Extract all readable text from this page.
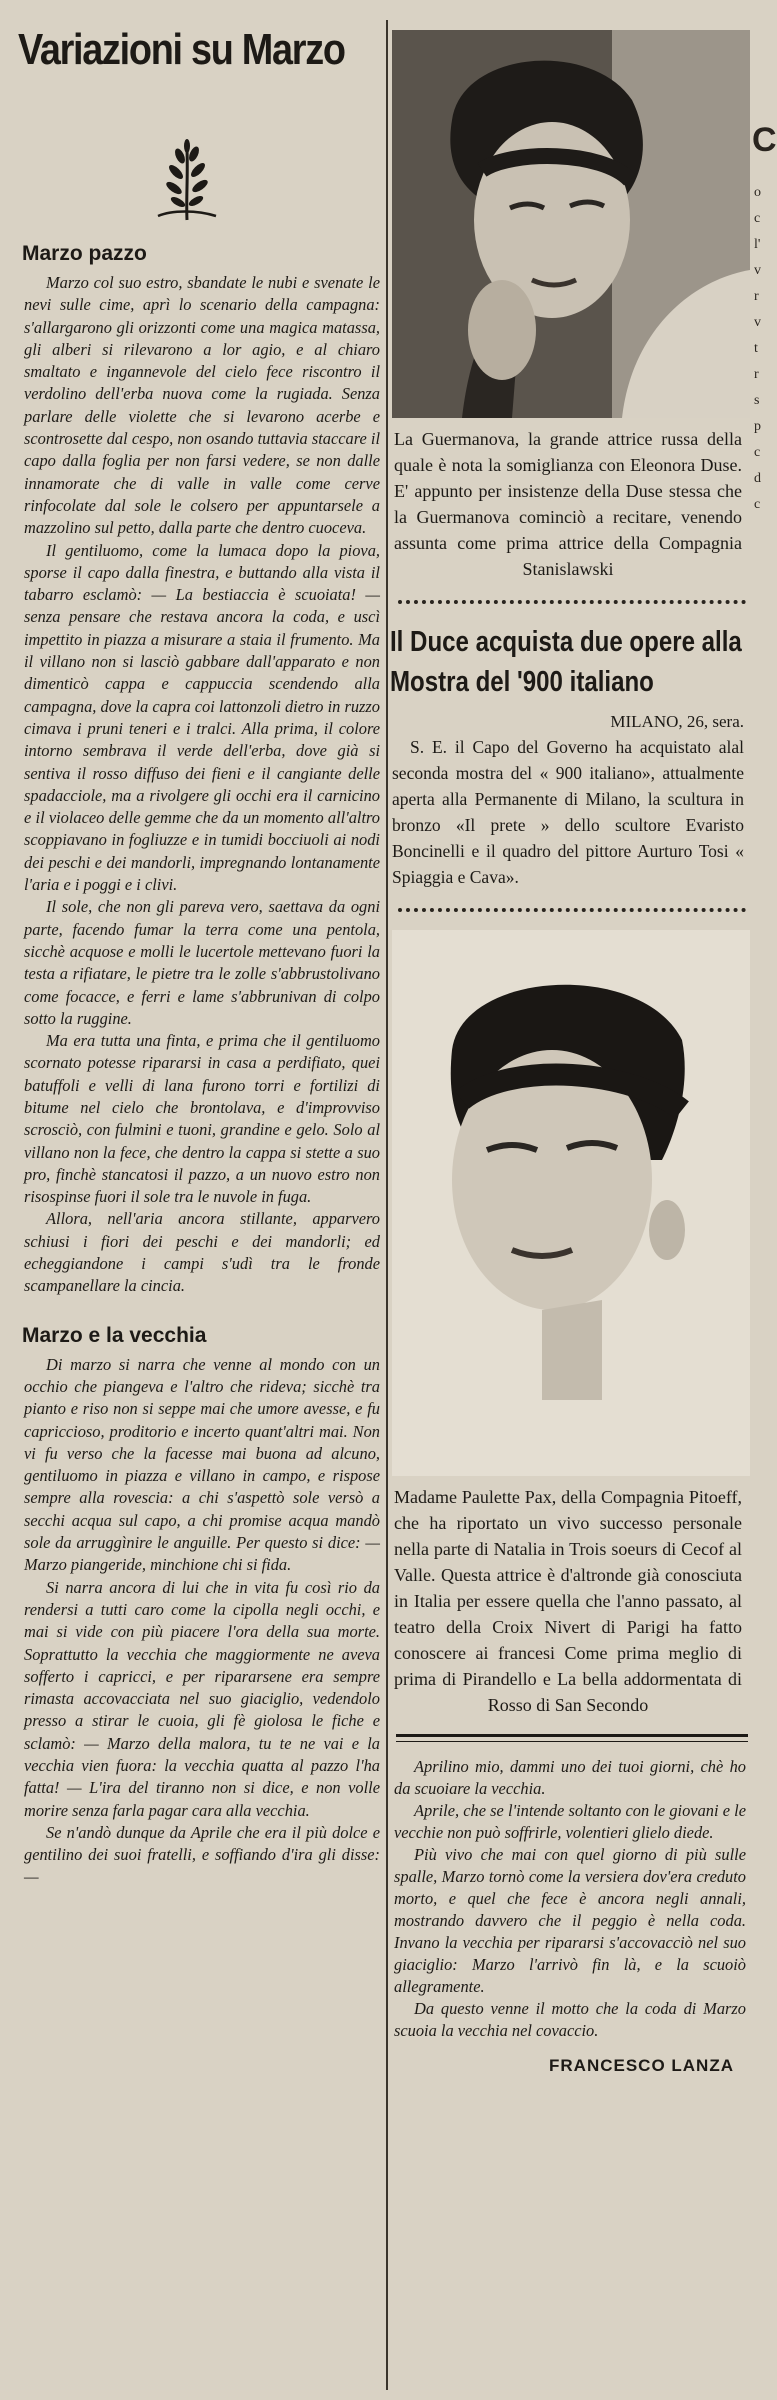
Variazioni su Marzo
Marzo pazzo

Marzo col suo estro, sbandate le nubi e svenate le nevi sulle cime, aprì lo scenario della campagna: s'allargarono gli orizzonti come una magica matassa, gli alberi si rilevarono a lor agio, e al chiaro smaltato e ingannevole del cielo fece riscontro il verdolino dell'erba nuova come la rugiada. Senza parlare delle violette che si levarono acerbe e scontrosette dal cespo, non osando tuttavia staccare il capo dalla foglia per non farsi vedere, se non dalle innamorate che di valle in valle come cerve rinfocolate dal sole le colsero per appuntarsele a mazzolino sul petto, dalla parte che dentro cuoceva.

Il gentiluomo, come la lumaca dopo la piova, sporse il capo dalla finestra, e buttando alla vista il tabarro esclamò: — La bestiaccia è scuoiata! — senza pensare che restava ancora la coda, e uscì impettito in piazza a misurare a staia il frumento. Ma il villano non si lasciò gabbare dall'apparato e non dimenticò cappa e cappuccia scendendo alla campagna, dove la capra coi lattonzoli dietro in ruzzo cimava i pruni teneri e i tralci. Alla prima, il colore intorno sembrava il verde dell'erba, dove già si sentiva il rosso diffuso dei fieni e il cangiante delle spadacciole, ma a rivolgere gli occhi era il carnicino e il violaceo delle gemme che da un momento all'altro scoppiavano in fogliuzze e in tumidi bocciuoli ai nodi dei peschi e dei mandorli, impregnando lontanamente l'aria e i poggi e i clivi.

Il sole, che non gli pareva vero, saettava da ogni parte, facendo fumar la terra come una pentola, sicchè acquose e molli le lucertole mettevano fuori la testa a rifiatare, le pietre tra le zolle s'abbrustolivano come focacce, e ferri e lame s'abbrunivan di colpo sotto la ruggine.

Ma era tutta una finta, e prima che il gentiluomo scornato potesse ripararsi in casa a perdifiato, quei batuffoli e velli di lana furono torri e fortilizi di bitume nel cielo che brontolava, e d'improvviso scrosciò, con fulmini e tuoni, grandine e gelo. Solo al villano non la fece, che dentro la cappa si stette a suo pro, finchè stancatosi il pazzo, a un nuovo estro non risospinse fuori il sole tra le nuvole in fuga.

Allora, nell'aria ancora stillante, apparvero schiusi i fiori dei peschi e dei mandorli; ed echeggiandone i campi s'udì tra le fronde scampanellare la cincia.

Marzo e la vecchia

Di marzo si narra che venne al mondo con un occhio che piangeva e l'altro che rideva; sicchè tra pianto e riso non si seppe mai che umore avesse, e fu capriccioso, proditorio e incerto quant'altri mai. Non vi fu verso che la facesse mai buona ad alcuno, gentiluomo in piazza e villano in campo, e rispose sempre alla rovescia: a chi s'aspettò sole versò a secchi acqua sul capo, a chi promise acqua mandò sole da arruggìnire le anguille. Per questo si dice: — Marzo piangeride, minchione chi si fida.

Si narra ancora di lui che in vita fu così rio da rendersi a tutti caro come la cipolla negli occhi, e mai si vide con più piacere l'ora della sua morte. Soprattutto la vecchia che maggiormente ne aveva sofferto i capricci, e per ripararsene era sempre rimasta accovacciata nel suo giaciglio, vedendolo presso a stirar le cuoia, gli fè giolosa le fiche e sclamò: — Marzo della malora, tu te ne vai e la vecchia vien fuora: la vecchia quatta al pazzo l'ha fatta! — L'ira del tiranno non si dice, e non volle morire senza farla pagar cara alla vecchia.

Se n'andò dunque da Aprile che era il più dolce e gentilino dei suoi fratelli, e soffiando d'ira gli disse: —

La Guermanova, la grande attrice russa della quale è nota la somiglianza con Eleonora Duse. E' appunto per insistenze della Duse stessa che la Guermanova cominciò a recitare, venendo assunta come prima attrice della Compagnia Stanislawski
Il Duce acquista due opere alla Mostra del '900 italiano
MILANO, 26, sera.

S. E. il Capo del Governo ha acquistato alal seconda mostra del « 900 italiano», attualmente aperta alla Permanente di Milano, la scultura in bronzo «Il prete » dello scultore Evaristo Boncinelli e il quadro del pittore Aurturo Tosi « Spiaggia e Cava».

Madame Paulette Pax, della Compagnia Pitoeff, che ha riportato un vivo successo personale nella parte di Natalia in Trois soeurs di Cecof al Valle. Questa attrice è d'altronde già conosciuta in Italia per essere quella che l'anno passato, al teatro della Croix Nivert di Parigi ha fatto conoscere ai francesi Come prima meglio di prima di Pirandello e La bella addormentata di Rosso di San Secondo

Aprilino mio, dammi uno dei tuoi giorni, chè ho da scuoiare la vecchia.

Aprile, che se l'intende soltanto con le giovani e le vecchie non può soffrirle, volentieri glielo diede.

Più vivo che mai con quel giorno di più sulle spalle, Marzo tornò come la versiera dov'era creduto morto, e quel che fece è ancora negli annali, mostrando davvero che il peggio è nella coda. Invano la vecchia per ripararsi s'accovacciò nel suo giaciglio: Marzo l'arrivò fin là, e la scuoiò allegramente.

Da questo venne il motto che la coda di Marzo scuoia la vecchia nel covaccio.

FRANCESCO LANZA
C
o
c
l'
v
r
v
t
r
s
p
c
d
c
